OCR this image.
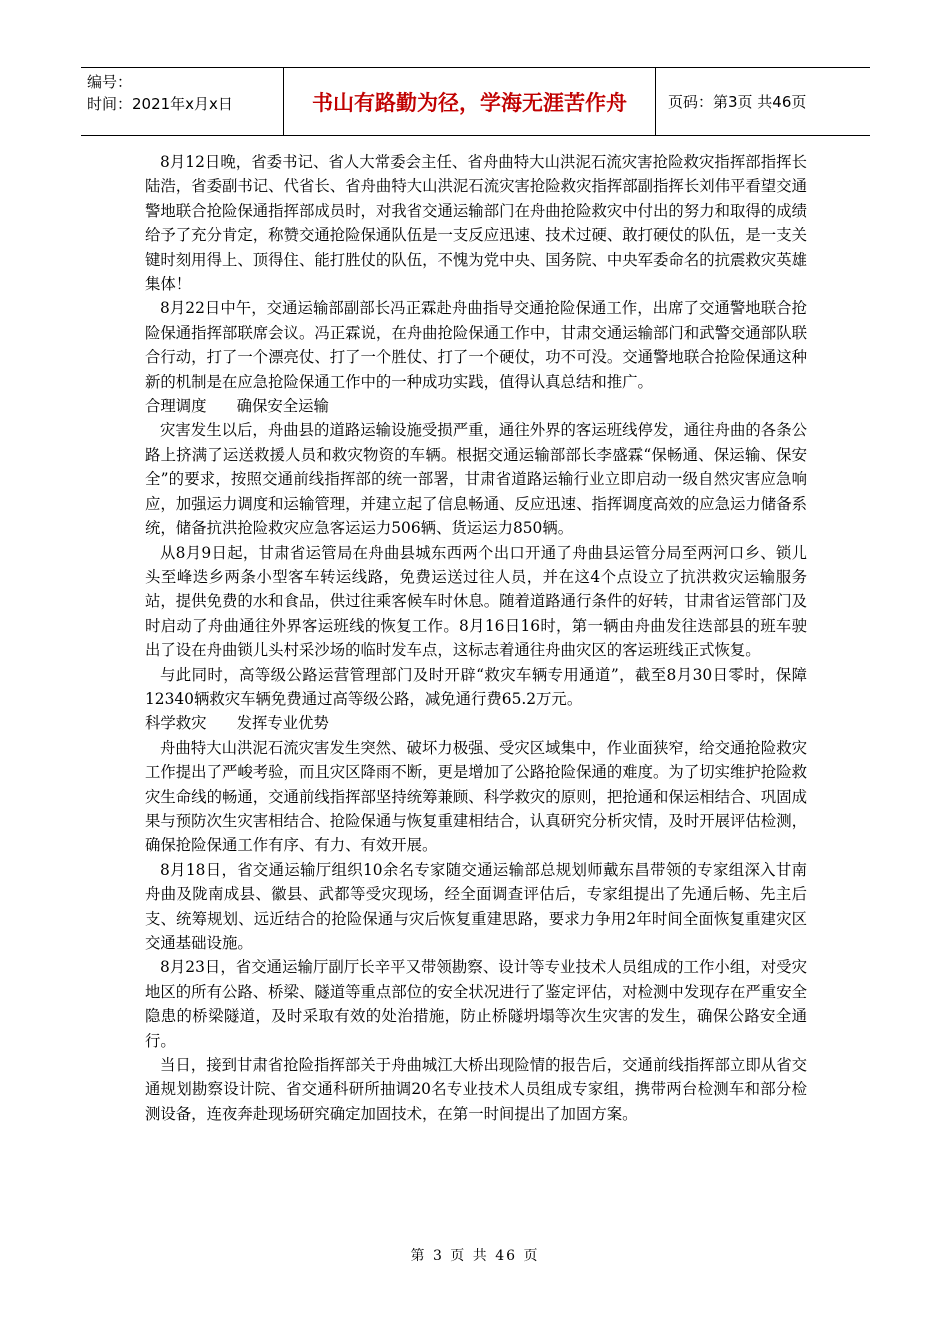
编号：
时间：2021年x月x日	书山有路勤为径，学海无涯苦作舟	页码：第3页 共46页

8月12日晚，省委书记、省人大常委会主任、省舟曲特大山洪泥石流灾害抢险救灾指挥部指挥长陆浩，省委副书记、代省长、省舟曲特大山洪泥石流灾害抢险救灾指挥部副指挥长刘伟平看望交通警地联合抢险保通指挥部成员时，对我省交通运输部门在舟曲抢险救灾中付出的努力和取得的成绩给予了充分肯定，称赞交通抢险保通队伍是一支反应迅速、技术过硬、敢打硬仗的队伍，是一支关键时刻用得上、顶得住、能打胜仗的队伍，不愧为党中央、国务院、中央军委命名的抗震救灾英雄集体！

8月22日中午，交通运输部副部长冯正霖赴舟曲指导交通抢险保通工作，出席了交通警地联合抢险保通指挥部联席会议。冯正霖说，在舟曲抢险保通工作中，甘肃交通运输部门和武警交通部队联合行动，打了一个漂亮仗、打了一个胜仗、打了一个硬仗，功不可没。交通警地联合抢险保通这种新的机制是在应急抢险保通工作中的一种成功实践，值得认真总结和推广。

合理调度 确保安全运输

灾害发生以后，舟曲县的道路运输设施受损严重，通往外界的客运班线停发，通往舟曲的各条公路上挤满了运送救援人员和救灾物资的车辆。根据交通运输部部长李盛霖“保畅通、保运输、保安全”的要求，按照交通前线指挥部的统一部署，甘肃省道路运输行业立即启动一级自然灾害应急响应，加强运力调度和运输管理，并建立起了信息畅通、反应迅速、指挥调度高效的应急运力储备系统，储备抗洪抢险救灾应急客运运力506辆、货运运力850辆。

从8月9日起，甘肃省运管局在舟曲县城东西两个出口开通了舟曲县运管分局至两河口乡、锁儿头至峰迭乡两条小型客车转运线路，免费运送过往人员，并在这4个点设立了抗洪救灾运输服务站，提供免费的水和食品，供过往乘客候车时休息。随着道路通行条件的好转，甘肃省运管部门及时启动了舟曲通往外界客运班线的恢复工作。8月16日16时，第一辆由舟曲发往迭部县的班车驶出了设在舟曲锁儿头村采沙场的临时发车点，这标志着通往舟曲灾区的客运班线正式恢复。

与此同时，高等级公路运营管理部门及时开辟“救灾车辆专用通道”，截至8月30日零时，保障12340辆救灾车辆免费通过高等级公路，减免通行费65.2万元。

科学救灾 发挥专业优势

舟曲特大山洪泥石流灾害发生突然、破坏力极强、受灾区域集中，作业面狭窄，给交通抢险救灾工作提出了严峻考验，而且灾区降雨不断，更是增加了公路抢险保通的难度。为了切实维护抢险救灾生命线的畅通，交通前线指挥部坚持统筹兼顾、科学救灾的原则，把抢通和保运相结合、巩固成果与预防次生灾害相结合、抢险保通与恢复重建相结合，认真研究分析灾情，及时开展评估检测，确保抢险保通工作有序、有力、有效开展。

8月18日，省交通运输厅组织10余名专家随交通运输部总规划师戴东昌带领的专家组深入甘南舟曲及陇南成县、徽县、武都等受灾现场，经全面调查评估后，专家组提出了先通后畅、先主后支、统筹规划、远近结合的抢险保通与灾后恢复重建思路，要求力争用2年时间全面恢复重建灾区交通基础设施。

8月23日，省交通运输厅副厅长辛平又带领勘察、设计等专业技术人员组成的工作小组，对受灾地区的所有公路、桥梁、隧道等重点部位的安全状况进行了鉴定评估，对检测中发现存在严重安全隐患的桥梁隧道，及时采取有效的处治措施，防止桥隧坍塌等次生灾害的发生，确保公路安全通行。

当日，接到甘肃省抢险指挥部关于舟曲城江大桥出现险情的报告后，交通前线指挥部立即从省交通规划勘察设计院、省交通科研所抽调20名专业技术人员组成专家组，携带两台检测车和部分检测设备，连夜奔赴现场研究确定加固技术，在第一时间提出了加固方案。

第 3 页 共 46 页
